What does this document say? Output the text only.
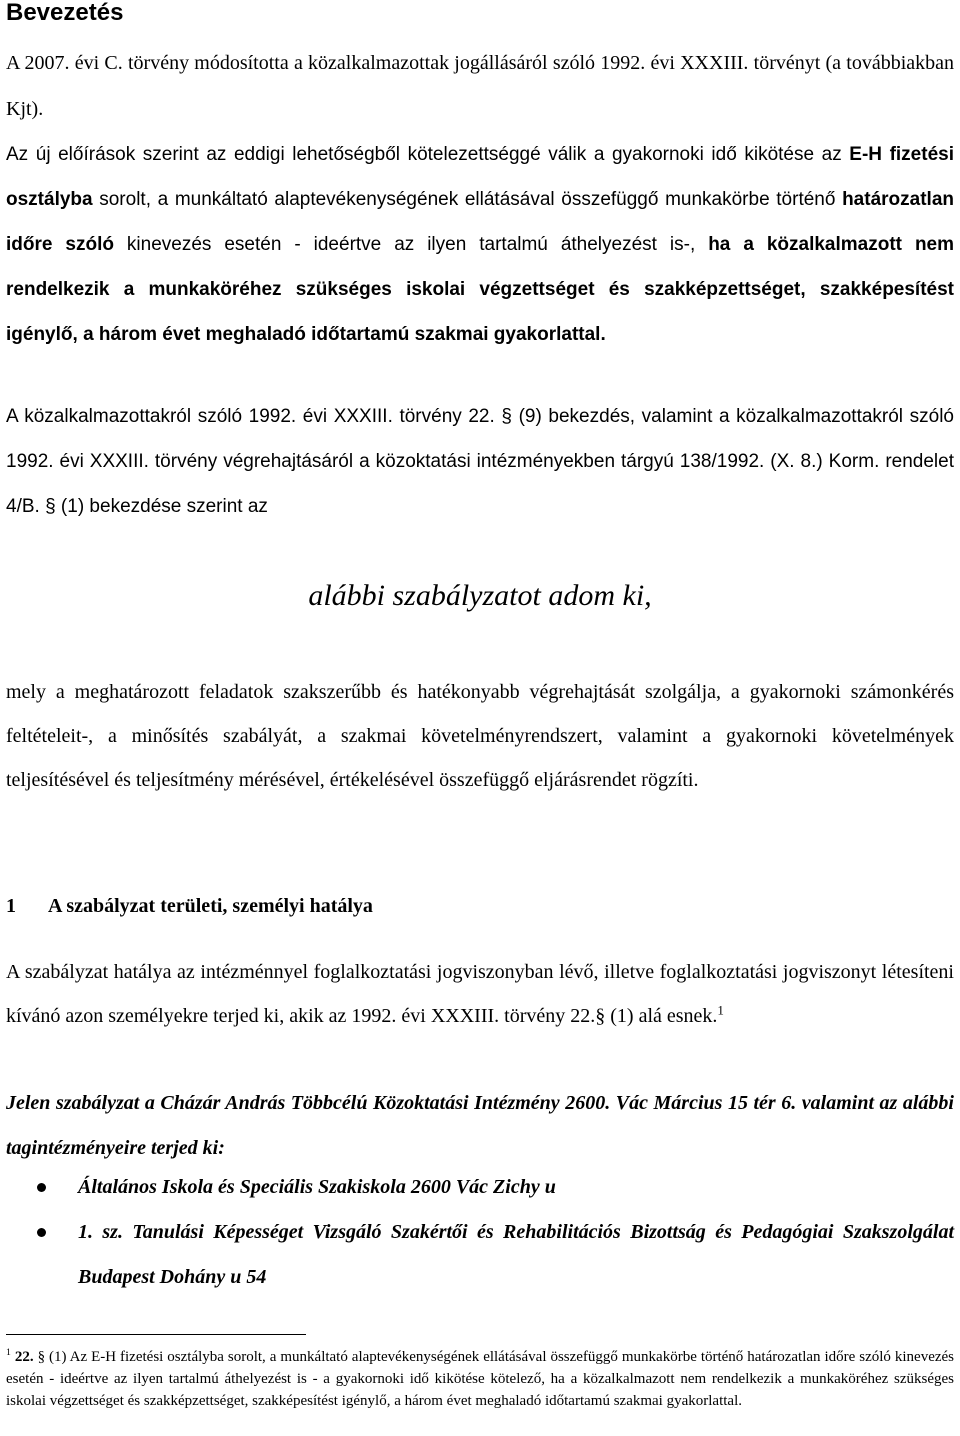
Bevezetés

A 2007. évi C. törvény módosította a közalkalmazottak jogállásáról szóló 1992. évi XXXIII. törvényt (a továbbiakban Kjt).

Az új előírások szerint az eddigi lehetőségből kötelezettséggé válik a gyakornoki idő kikötése az E-H fizetési osztályba sorolt, a munkáltató alaptevékenységének ellátásával összefüggő munkakörbe történő határozatlan időre szóló kinevezés esetén - ideértve az ilyen tartalmú áthelyezést is-, ha a közalkalmazott nem rendelkezik a munkaköréhez szükséges iskolai végzettséget és szakképzettséget, szakképesítést igénylő, a három évet meghaladó időtartamú szakmai gyakorlattal.

A közalkalmazottakról szóló 1992. évi XXXIII. törvény 22. § (9) bekezdés, valamint a közalkalmazottakról szóló 1992. évi XXXIII. törvény végrehajtásáról a közoktatási intézményekben tárgyú 138/1992. (X. 8.) Korm. rendelet 4/B. § (1) bekezdése szerint az

alábbi szabályzatot adom ki,

mely a meghatározott feladatok szakszerűbb és hatékonyabb végrehajtását szolgálja, a gyakornoki számonkérés feltételeit-, a minősítés szabályát, a szakmai követelményrendszert, valamint a gyakornoki követelmények teljesítésével és teljesítmény mérésével, értékelésével összefüggő eljárásrendet rögzíti.

1 A szabályzat területi, személyi hatálya

A szabályzat hatálya az intézménnyel foglalkoztatási jogviszonyban lévő, illetve foglalkoztatási jogviszonyt létesíteni kívánó azon személyekre terjed ki, akik az 1992. évi XXXIII. törvény 22.§ (1) alá esnek.$^1$

Jelen szabályzat a Cházár András Többcélú Közoktatási Intézmény 2600. Vác Március 15 tér 6. valamint az alábbi tagintézményeire terjed ki:

Általános Iskola és Speciális Szakiskola 2600 Vác Zichy u
1. sz. Tanulási Képességet Vizsgáló Szakértői és Rehabilitációs Bizottság és Pedagógiai Szakszolgálat Budapest Dohány u 54

$^1$ 22. § (1) Az E-H fizetési osztályba sorolt, a munkáltató alaptevékenységének ellátásával összefüggő munkakörbe történő határozatlan időre szóló kinevezés esetén - ideértve az ilyen tartalmú áthelyezést is - a gyakornoki idő kikötése kötelező, ha a közalkalmazott nem rendelkezik a munkaköréhez szükséges iskolai végzettséget és szakképzettséget, szakképesítést igénylő, a három évet meghaladó időtartamú szakmai gyakorlattal.
